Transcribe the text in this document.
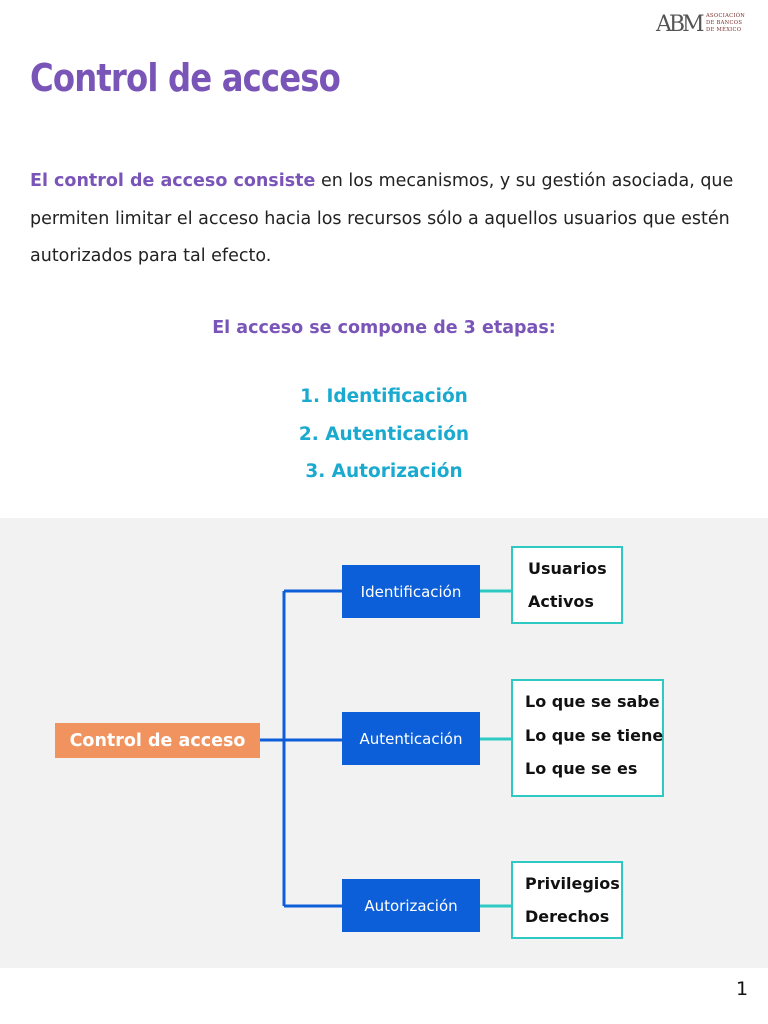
ABM ASOCIACIÓN
DE BANCOS
DE MÉXICO
Control de acceso

El control de acceso consiste en los mecanismos, y su gestión asociada, que permiten limitar el acceso hacia los recursos sólo a aquellos usuarios que estén autorizados para tal efecto.

El acceso se compone de 3 etapas:

1. Identificación
2. Autenticación
3. Autorización
Control de acceso
Identificación
Autenticación
Autorización
Usuarios
Activos
Lo que se sabe
Lo que se tiene
Lo que se es
Privilegios
Derechos
1
